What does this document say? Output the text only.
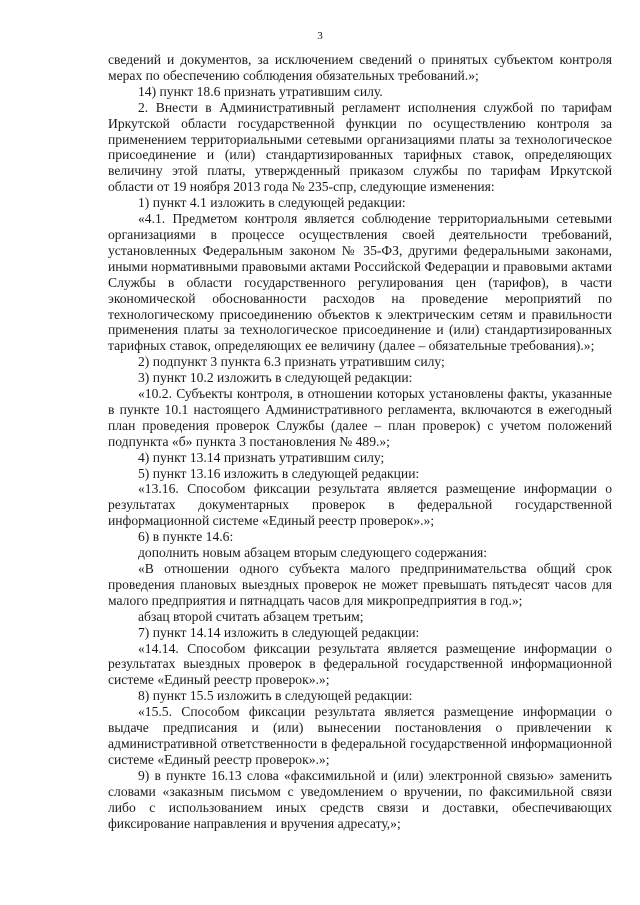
3

сведений и документов, за исключением сведений о принятых субъектом контроля мерах по обеспечению соблюдения обязательных требований.»;

14) пункт 18.6 признать утратившим силу.

2. Внести в Административный регламент исполнения службой по тарифам Иркутской области государственной функции по осуществлению контроля за применением территориальными сетевыми организациями платы за технологическое присоединение и (или) стандартизированных тарифных ставок, определяющих величину этой платы, утвержденный приказом службы по тарифам Иркутской области от 19 ноября 2013 года № 235-спр, следующие изменения:

1) пункт 4.1 изложить в следующей редакции:

«4.1. Предметом контроля является соблюдение территориальными сетевыми организациями в процессе осуществления своей деятельности требований, установленных Федеральным законом № 35-ФЗ, другими федеральными законами, иными нормативными правовыми актами Российской Федерации и правовыми актами Службы в области государственного регулирования цен (тарифов), в части экономической обоснованности расходов на проведение мероприятий по технологическому присоединению объектов к электрическим сетям и правильности применения платы за технологическое присоединение и (или) стандартизированных тарифных ставок, определяющих ее величину (далее – обязательные требования).»;

2) подпункт 3 пункта 6.3 признать утратившим силу;

3) пункт 10.2 изложить в следующей редакции:

«10.2. Субъекты контроля, в отношении которых установлены факты, указанные в пункте 10.1 настоящего Административного регламента, включаются в ежегодный план проведения проверок Службы (далее – план проверок) с учетом положений подпункта «б» пункта 3 постановления № 489.»;

4) пункт 13.14 признать утратившим силу;

5) пункт 13.16 изложить в следующей редакции:

«13.16. Способом фиксации результата является размещение информации о результатах документарных проверок в федеральной государственной информационной системе «Единый реестр проверок».»;

6) в пункте 14.6:

дополнить новым абзацем вторым следующего содержания:

«В отношении одного субъекта малого предпринимательства общий срок проведения плановых выездных проверок не может превышать пятьдесят часов для малого предприятия и пятнадцать часов для микропредприятия в год.»;

абзац второй считать абзацем третьим;

7) пункт 14.14 изложить в следующей редакции:

«14.14. Способом фиксации результата является размещение информации о результатах выездных проверок в федеральной государственной информационной системе «Единый реестр проверок».»;

8) пункт 15.5 изложить в следующей редакции:

«15.5. Способом фиксации результата является размещение информации о выдаче предписания и (или) вынесении постановления о привлечении к административной ответственности в федеральной государственной информационной системе «Единый реестр проверок».»;

9) в пункте 16.13 слова «факсимильной и (или) электронной связью» заменить словами «заказным письмом с уведомлением о вручении, по факсимильной связи либо с использованием иных средств связи и доставки, обеспечивающих фиксирование направления и вручения адресату,»;
